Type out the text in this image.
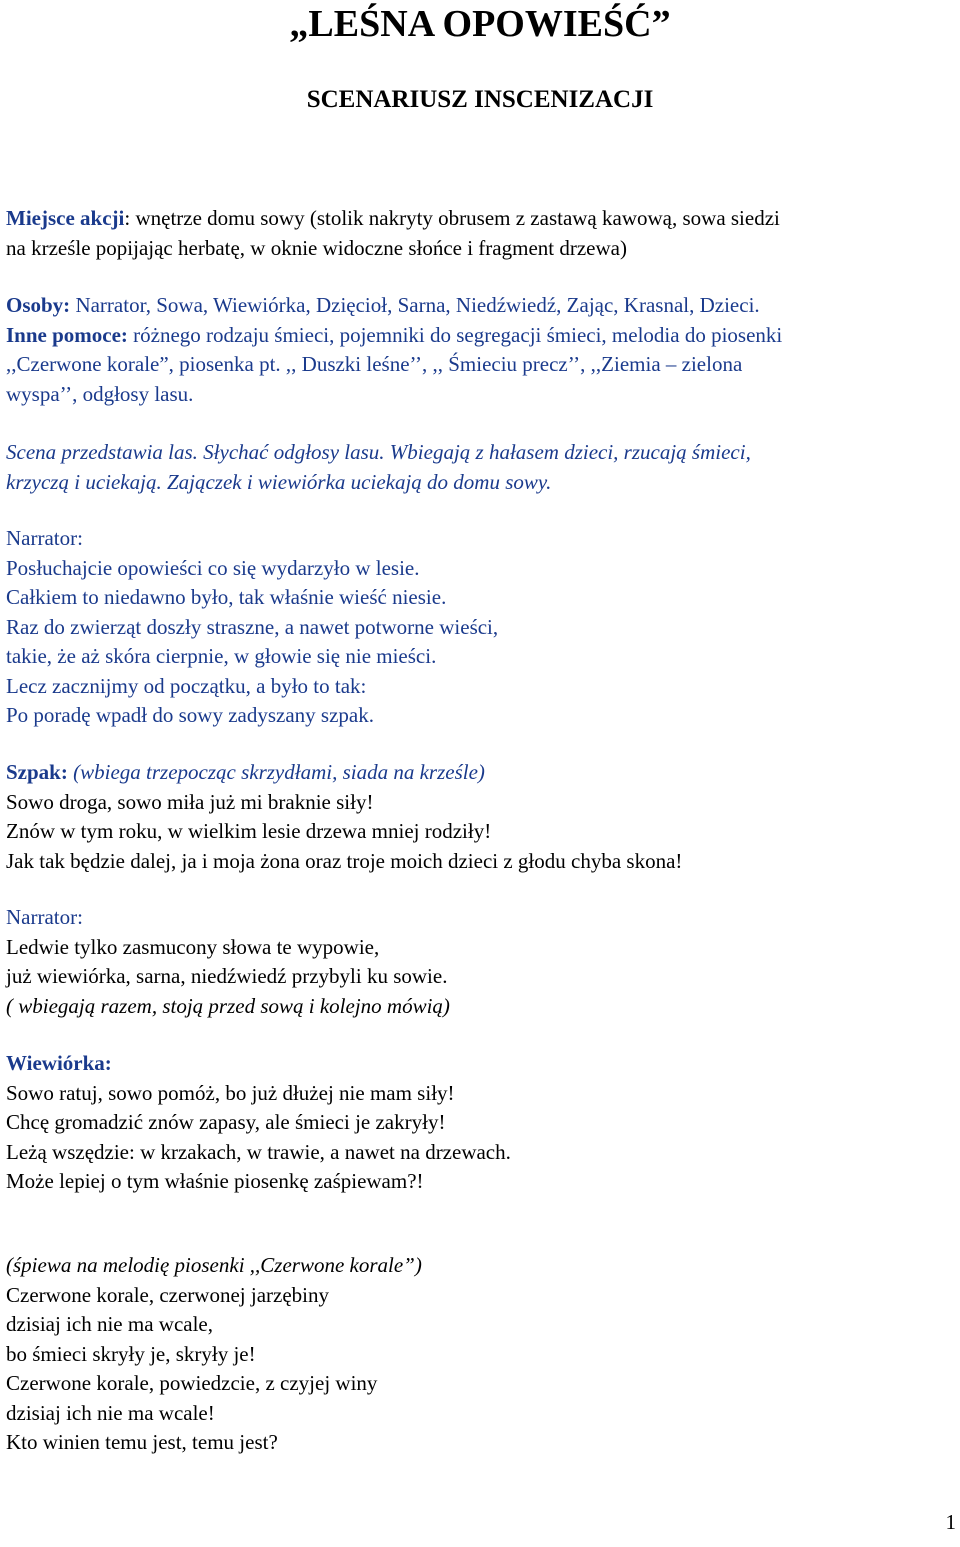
„LEŚNA OPOWIEŚĆ”
SCENARIUSZ INSCENIZACJI
Miejsce akcji: wnętrze domu sowy (stolik nakryty obrusem z zastawą kawową, sowa siedzi
na krześle popijając herbatę, w oknie widoczne słońce i fragment drzewa)
Osoby: Narrator, Sowa, Wiewiórka, Dzięcioł, Sarna, Niedźwiedź, Zając, Krasnal, Dzieci.
Inne pomoce: różnego rodzaju śmieci, pojemniki do segregacji śmieci, melodia do piosenki
,,Czerwone korale”, piosenka pt. ,, Duszki leśne’’, ,, Śmieciu precz’’, ,,Ziemia – zielona
wyspa’’, odgłosy lasu.
Scena przedstawia las. Słychać odgłosy lasu. Wbiegają z hałasem dzieci, rzucają śmieci,
krzyczą i uciekają. Zajączek i wiewiórka uciekają do domu sowy.
Narrator:
Posłuchajcie opowieści co się wydarzyło w lesie.
Całkiem to niedawno było, tak właśnie wieść niesie.
Raz do zwierząt doszły straszne, a nawet potworne wieści,
takie, że aż skóra cierpnie, w głowie się nie mieści.
Lecz zacznijmy od początku, a było to tak:
Po poradę wpadł do sowy zadyszany szpak.
Szpak: (wbiega trzepocząc skrzydłami, siada na krześle)
Sowo droga, sowo miła już mi braknie siły!
Znów w tym roku, w wielkim lesie drzewa mniej rodziły!
Jak tak będzie dalej, ja i moja żona oraz troje moich dzieci z głodu chyba skona!
Narrator:
Ledwie tylko zasmucony słowa te wypowie,
już wiewiórka, sarna, niedźwiedź przybyli ku sowie.
( wbiegają razem, stoją przed sową i kolejno mówią)
Wiewiórka:
Sowo ratuj, sowo pomóż, bo już dłużej nie mam siły!
Chcę gromadzić znów zapasy, ale śmieci je zakryły!
Leżą wszędzie: w krzakach, w trawie, a nawet na drzewach.
Może lepiej o tym właśnie piosenkę zaśpiewam?!
(śpiewa na melodię piosenki ,,Czerwone korale”)
Czerwone korale, czerwonej jarzębiny
dzisiaj ich nie ma wcale,
bo śmieci skryły je, skryły je!
Czerwone korale, powiedzcie, z czyjej winy
dzisiaj ich nie ma wcale!
Kto winien temu jest, temu jest?
1
